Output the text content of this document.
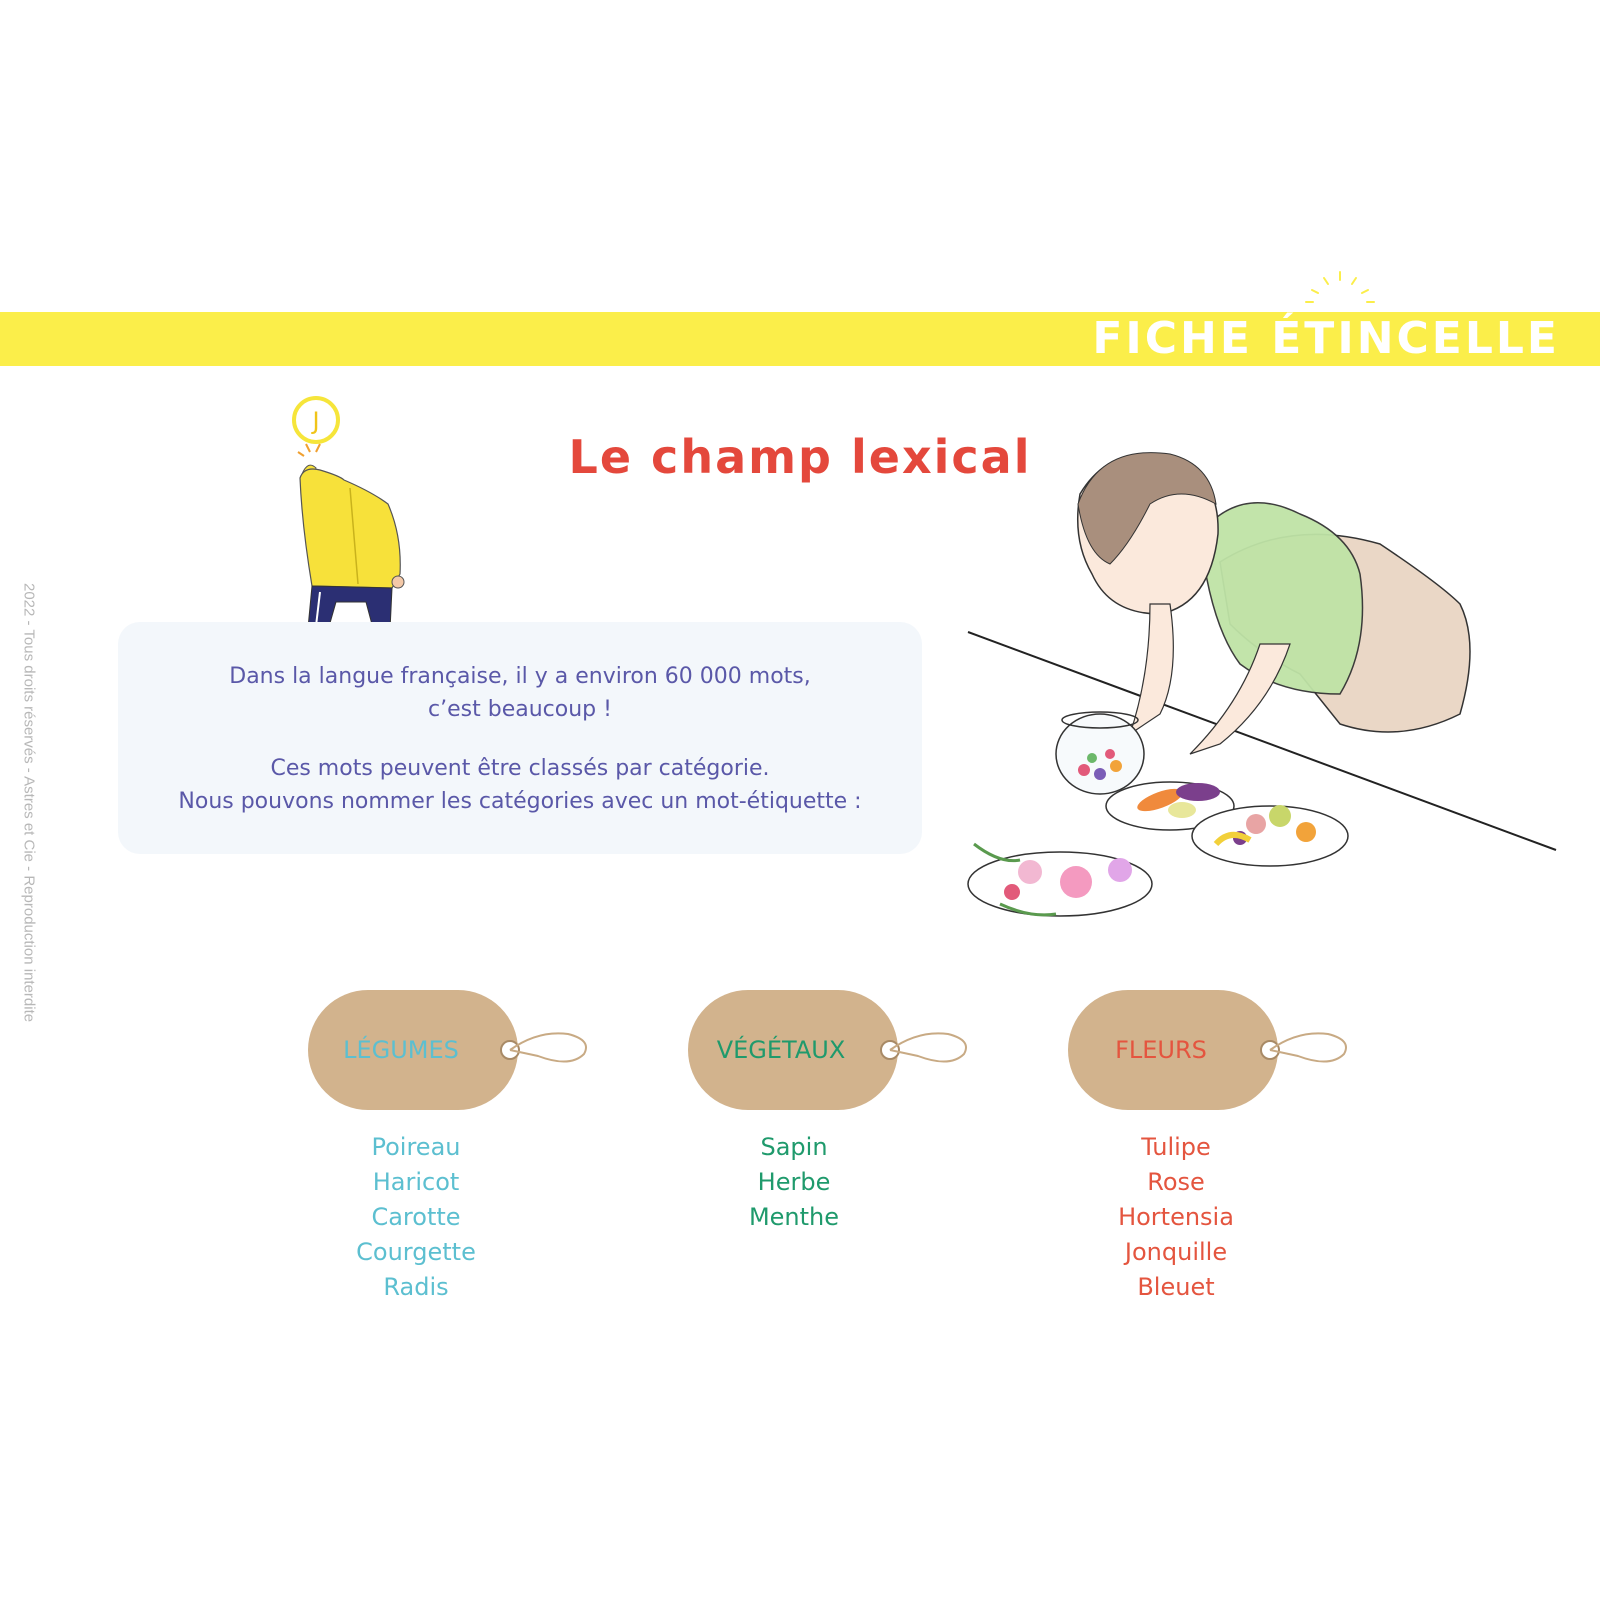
FICHE ÉTINCELLE
2022 - Tous droits réservés - Astres et Cie - Reproduction interdite
J
Le champ lexical

Dans la langue française, il y a environ 60 000 mots,

c’est beaucoup !

Ces mots peuvent être classés par catégorie.

Nous pouvons nommer les catégories avec un mot-étiquette :

LÉGUMES	VÉGÉTAUX	FLEURS
Poireau
Haricot
Carotte
Courgette
Radis
Sapin
Herbe
Menthe
Tulipe
Rose
Hortensia
Jonquille
Bleuet
